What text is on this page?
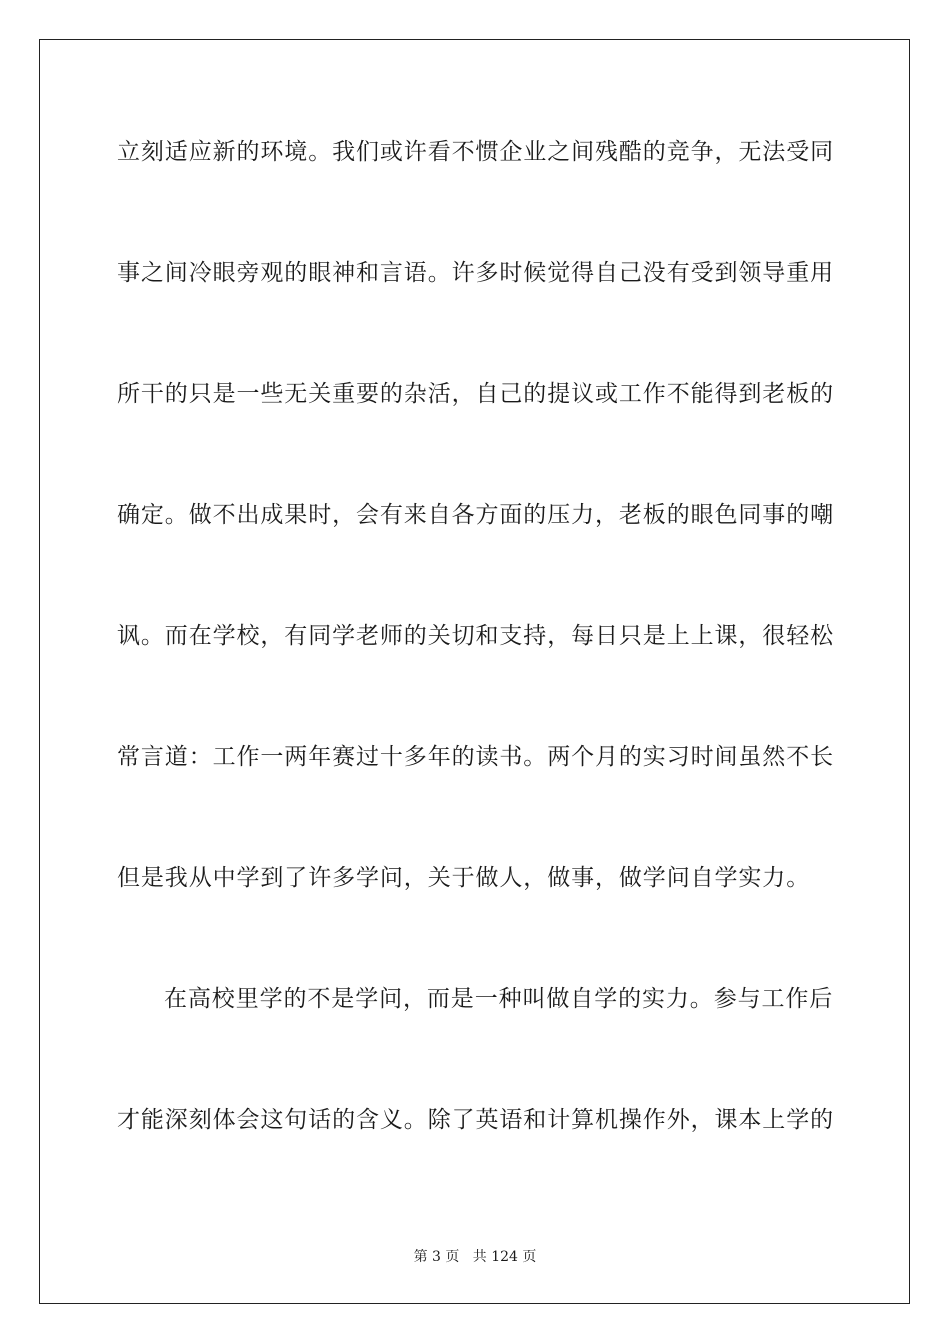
立刻适应新的环境。我们或许看不惯企业之间残酷的竞争，无法受同
事之间冷眼旁观的眼神和言语。许多时候觉得自己没有受到领导重用
所干的只是一些无关重要的杂活，自己的提议或工作不能得到老板的
确定。做不出成果时，会有来自各方面的压力，老板的眼色同事的嘲
讽。而在学校，有同学老师的关切和支持，每日只是上上课，很轻松
常言道：工作一两年赛过十多年的读书。两个月的实习时间虽然不长
但是我从中学到了许多学问，关于做人，做事，做学问自学实力。
在高校里学的不是学问，而是一种叫做自学的实力。参与工作后
才能深刻体会这句话的含义。除了英语和计算机操作外，课本上学的
第 3 页 共 124 页
